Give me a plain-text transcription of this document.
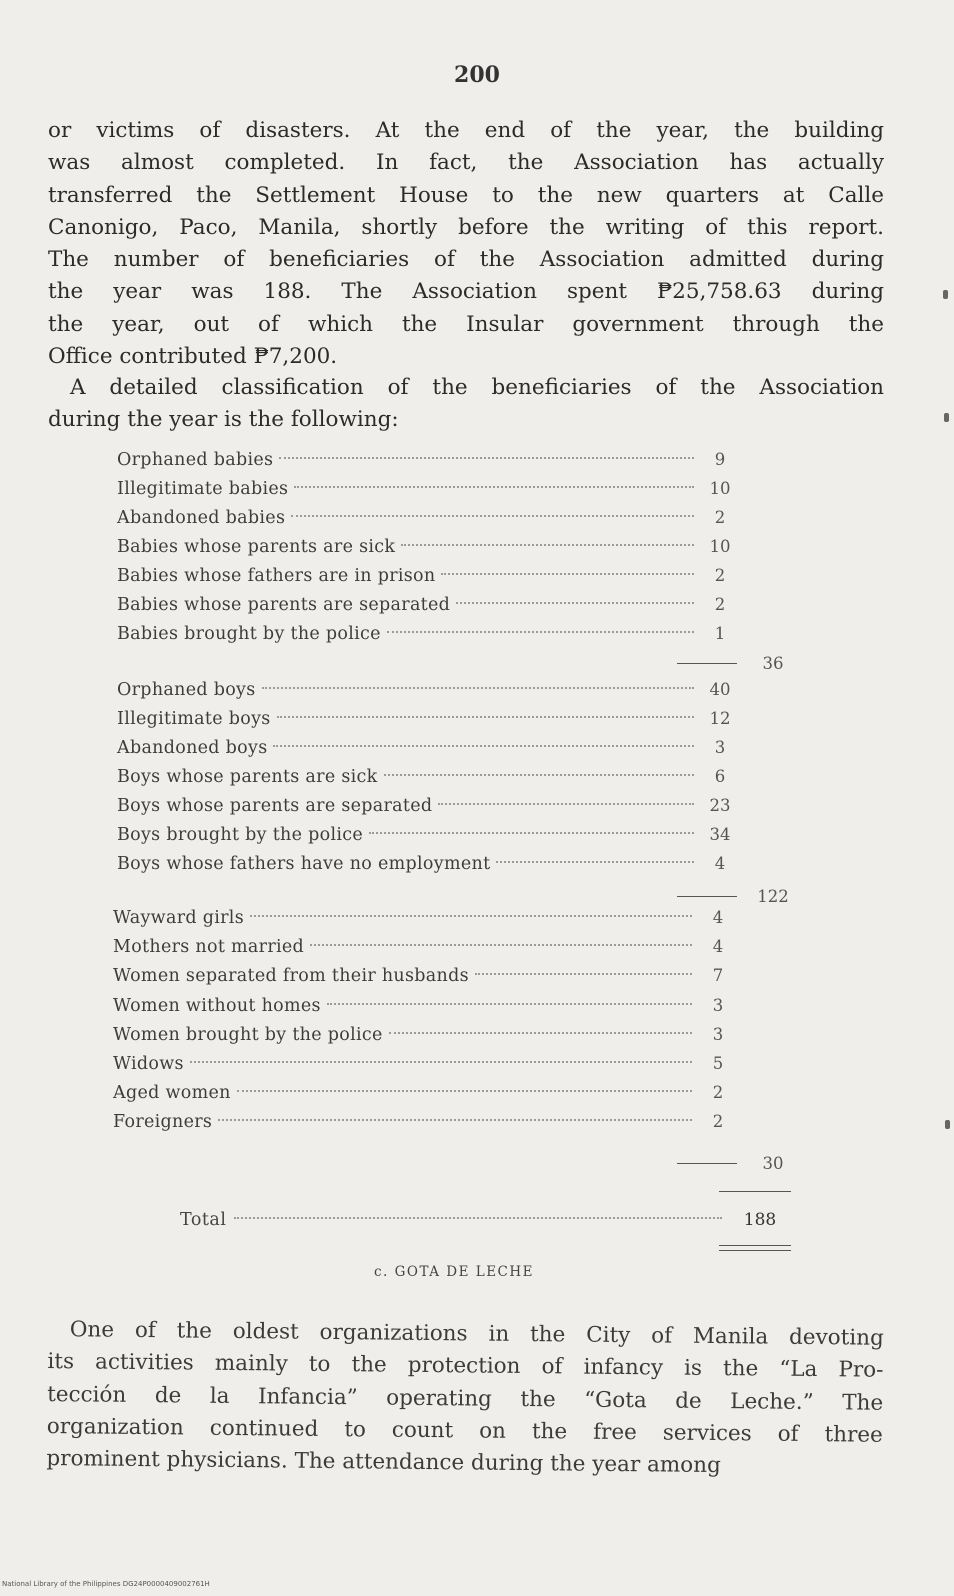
200
or victims of disasters. At the end of the year, the building
was almost completed. In fact, the Association has actually
transferred the Settlement House to the new quarters at Calle
Canonigo, Paco, Manila, shortly before the writing of this report.
The number of beneficiaries of the Association admitted during
the year was 188. The Association spent ₱25,758.63 during
the year, out of which the Insular government through the
Office contributed ₱7,200.
A detailed classification of the beneficiaries of the Association
during the year is the following:
Orphaned babies	9
Illegitimate babies	10
Abandoned babies	2
Babies whose parents are sick	10
Babies whose fathers are in prison	2
Babies whose parents are separated	2
Babies brought by the police	1
36
Orphaned boys	40
Illegitimate boys	12
Abandoned boys	3
Boys whose parents are sick	6
Boys whose parents are separated	23
Boys brought by the police	34
Boys whose fathers have no employment	4
122
Wayward girls	4
Mothers not married	4
Women separated from their husbands	7
Women without homes	3
Women brought by the police	3
Widows	5
Aged women	2
Foreigners	2
30
Total	188
c. GOTA DE LECHE
One of the oldest organizations in the City of Manila devoting
its activities mainly to the protection of infancy is the “La Pro-
tección de la Infancia” operating the “Gota de Leche.” The
organization continued to count on the free services of three
prominent physicians. The attendance during the year among
National Library of the Philippines DG24P0000409002761H
